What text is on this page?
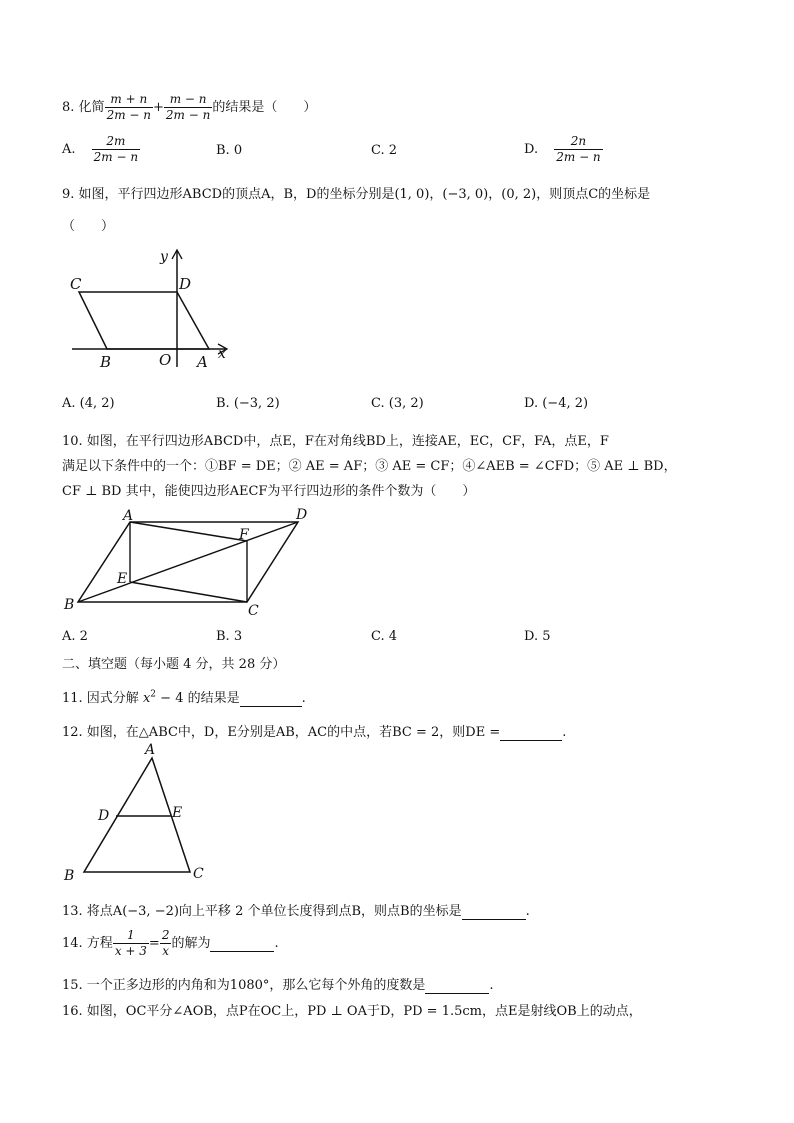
8. 化简 $\frac{m + n}{2m - n} + \frac{m - n}{2m - n}$ 的结果是（　　）
A. $\frac{2m}{2m - n}$	B. 0	C. 2	D. $\frac{2n}{2m - n}$
9. 如图，平行四边形ABCD的顶点A，B，D的坐标分别是(1, 0)，(−3, 0)，(0, 2)，则顶点C的坐标是
（　　）
y
x
C	D
B	O A
A. (4, 2)	B. (−3, 2)	C. (3, 2)	D. (−4, 2)
10. 如图，在平行四边形ABCD中，点E，F在对角线BD上，连接AE，EC，CF，FA，点E，F
满足以下条件中的一个：①BF = DE；② AE = AF；③ AE = CF；④∠AEB = ∠CFD；⑤ AE ⊥ BD，
CF ⊥ BD 其中，能使四边形AECF为平行四边形的条件个数为（　　）
A	D
F
E
B	C
A. 2	B. 3	C. 4	D. 5
二、填空题（每小题 4 分，共 28 分）
11. 因式分解 $x^2 - 4$ 的结果是	.
12. 如图，在△ABC中，D，E分别是AB，AC的中点，若BC = 2，则DE =	.
A
D	E
B	C
13. 将点A(−3, −2)向上平移 2 个单位长度得到点B，则点B的坐标是	.
14. 方程 $\frac{1}{x + 3} = \frac{2}{x}$ 的解为	.
15. 一个正多边形的内角和为1080°，那么它每个外角的度数是	.
16. 如图，OC平分∠AOB，点P在OC上，PD ⊥ OA于D，PD = 1.5cm，点E是射线OB上的动点，
